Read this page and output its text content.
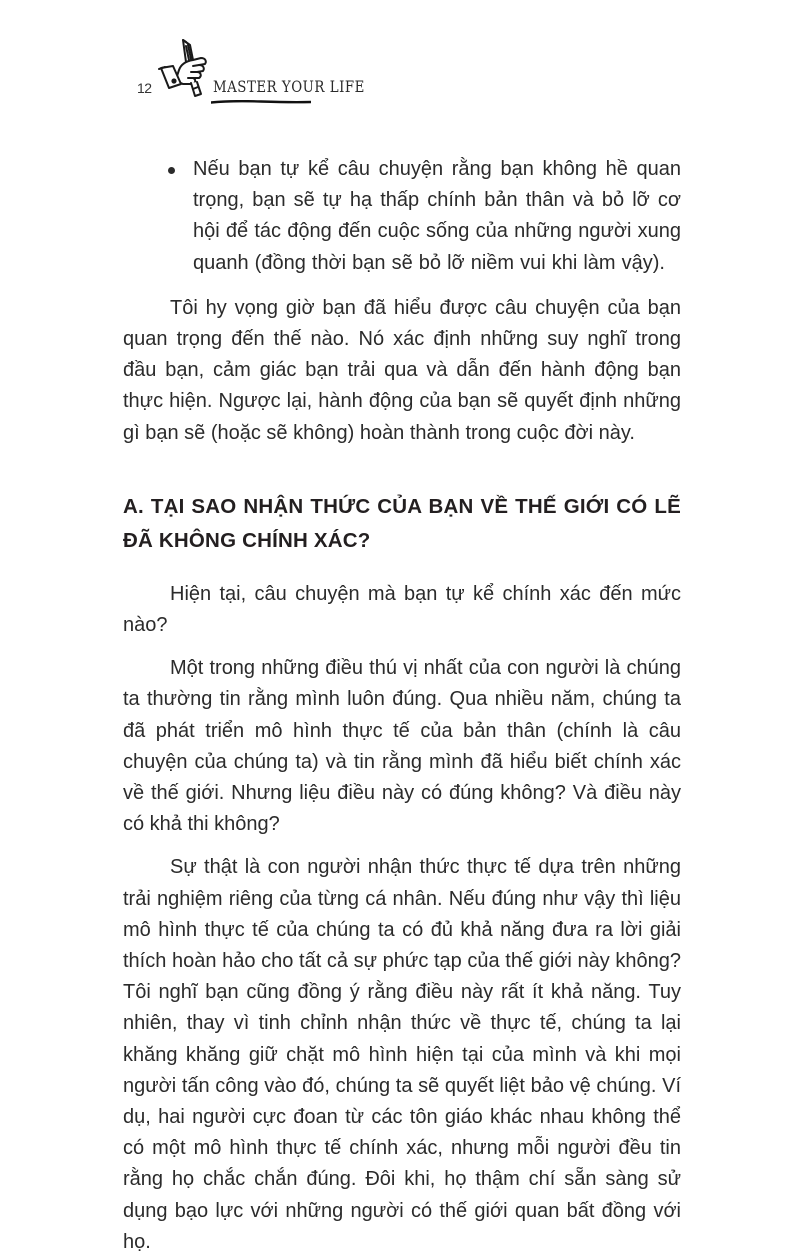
12	MASTER YOUR LIFE
Nếu bạn tự kể câu chuyện rằng bạn không hề quan trọng, bạn sẽ tự hạ thấp chính bản thân và bỏ lỡ cơ hội để tác động đến cuộc sống của những người xung quanh (đồng thời bạn sẽ bỏ lỡ niềm vui khi làm vậy).

Tôi hy vọng giờ bạn đã hiểu được câu chuyện của bạn quan trọng đến thế nào. Nó xác định những suy nghĩ trong đầu bạn, cảm giác bạn trải qua và dẫn đến hành động bạn thực hiện. Ngược lại, hành động của bạn sẽ quyết định những gì bạn sẽ (hoặc sẽ không) hoàn thành trong cuộc đời này.

A. TẠI SAO NHẬN THỨC CỦA BẠN VỀ THẾ GIỚI CÓ LẼ ĐÃ KHÔNG CHÍNH XÁC?

Hiện tại, câu chuyện mà bạn tự kể chính xác đến mức nào?

Một trong những điều thú vị nhất của con người là chúng ta thường tin rằng mình luôn đúng. Qua nhiều năm, chúng ta đã phát triển mô hình thực tế của bản thân (chính là câu chuyện của chúng ta) và tin rằng mình đã hiểu biết chính xác về thế giới. Nhưng liệu điều này có đúng không? Và điều này có khả thi không?

Sự thật là con người nhận thức thực tế dựa trên những trải nghiệm riêng của từng cá nhân. Nếu đúng như vậy thì liệu mô hình thực tế của chúng ta có đủ khả năng đưa ra lời giải thích hoàn hảo cho tất cả sự phức tạp của thế giới này không? Tôi nghĩ bạn cũng đồng ý rằng điều này rất ít khả năng. Tuy nhiên, thay vì tinh chỉnh nhận thức về thực tế, chúng ta lại khăng khăng giữ chặt mô hình hiện tại của mình và khi mọi người tấn công vào đó, chúng ta sẽ quyết liệt bảo vệ chúng. Ví dụ, hai người cực đoan từ các tôn giáo khác nhau không thể có một mô hình thực tế chính xác, nhưng mỗi người đều tin rằng họ chắc chắn đúng. Đôi khi, họ thậm chí sẵn sàng sử dụng bạo lực với những người có thế giới quan bất đồng với họ.
